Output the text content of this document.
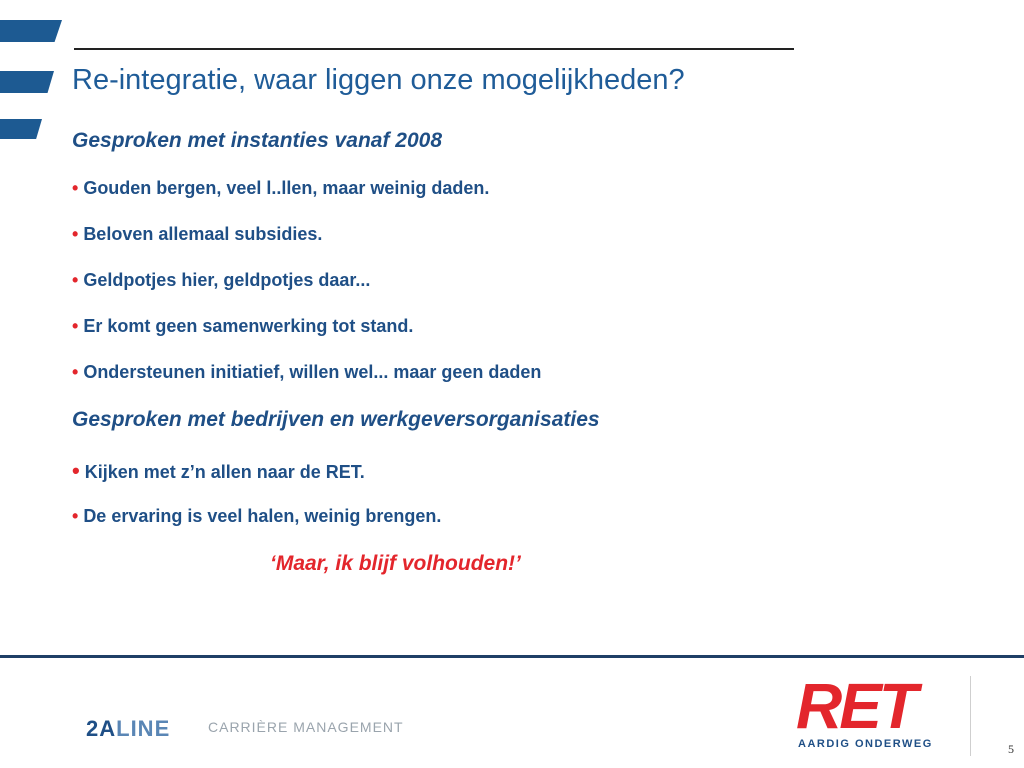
Re-integratie, waar liggen onze mogelijkheden?

Gesproken met instanties vanaf 2008

• Gouden bergen, veel l..llen, maar weinig daden.

• Beloven allemaal subsidies.

• Geldpotjes hier, geldpotjes daar...

• Er komt geen samenwerking tot stand.

• Ondersteunen initiatief, willen wel... maar geen daden

Gesproken met bedrijven en werkgeversorganisaties

• Kijken met z’n allen naar de RET.

• De ervaring is veel halen, weinig brengen.

‘Maar, ik blijf volhouden!’

2ALINE	CARRIÈRE MANAGEMENT	RET
AARDIG ONDERWEG	5
